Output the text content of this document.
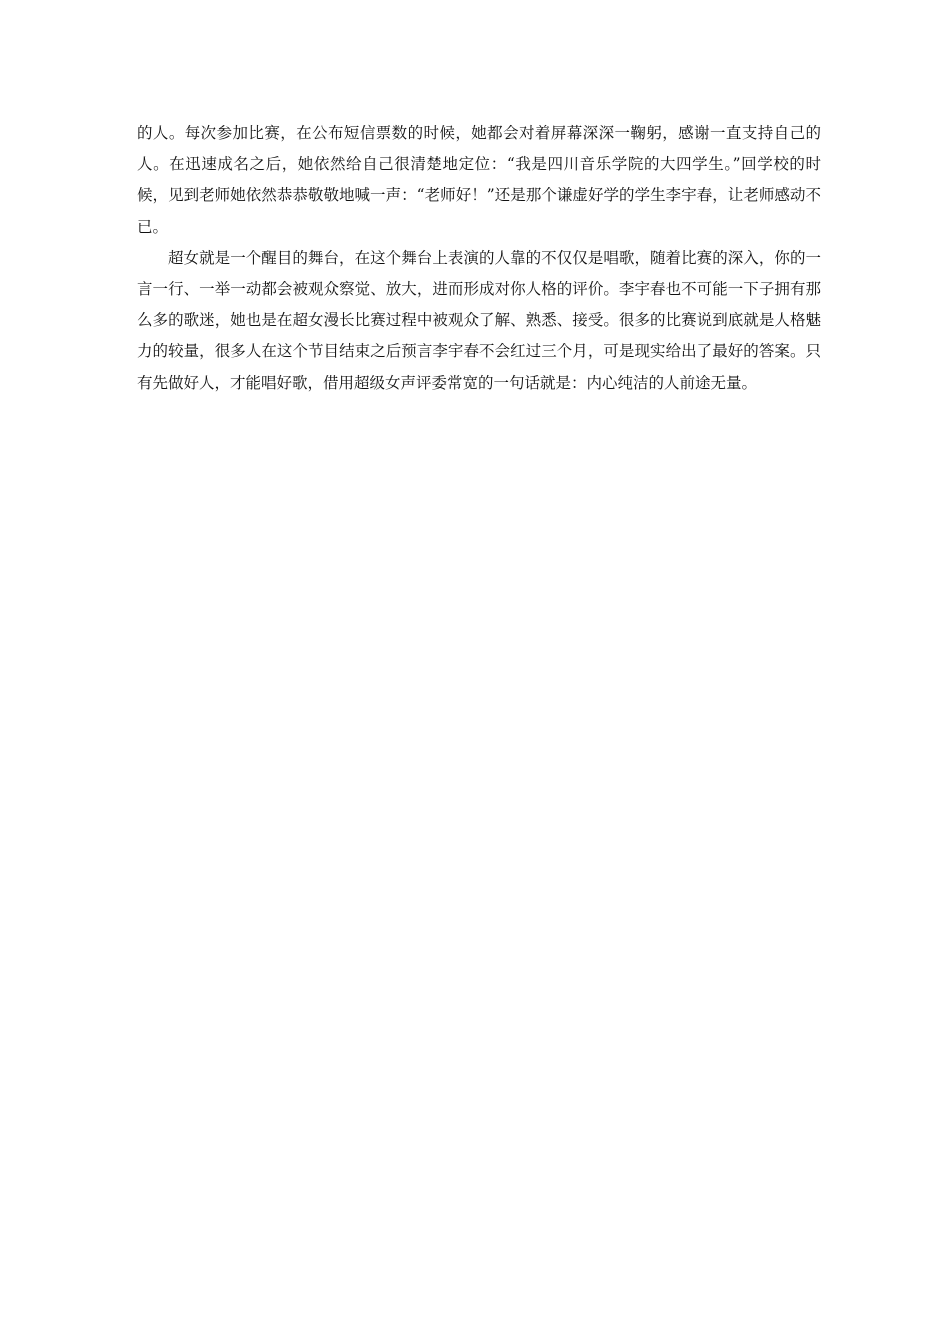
的人。每次参加比赛，在公布短信票数的时候，她都会对着屏幕深深一鞠躬，感谢一直支持自己的人。在迅速成名之后，她依然给自己很清楚地定位：“我是四川音乐学院的大四学生。”回学校的时候，见到老师她依然恭恭敬敬地喊一声：“老师好！”还是那个谦虚好学的学生李宇春，让老师感动不已。

超女就是一个醒目的舞台，在这个舞台上表演的人靠的不仅仅是唱歌，随着比赛的深入，你的一言一行、一举一动都会被观众察觉、放大，进而形成对你人格的评价。李宇春也不可能一下子拥有那么多的歌迷，她也是在超女漫长比赛过程中被观众了解、熟悉、接受。很多的比赛说到底就是人格魅力的较量，很多人在这个节目结束之后预言李宇春不会红过三个月，可是现实给出了最好的答案。只有先做好人，才能唱好歌，借用超级女声评委常宽的一句话就是：内心纯洁的人前途无量。
